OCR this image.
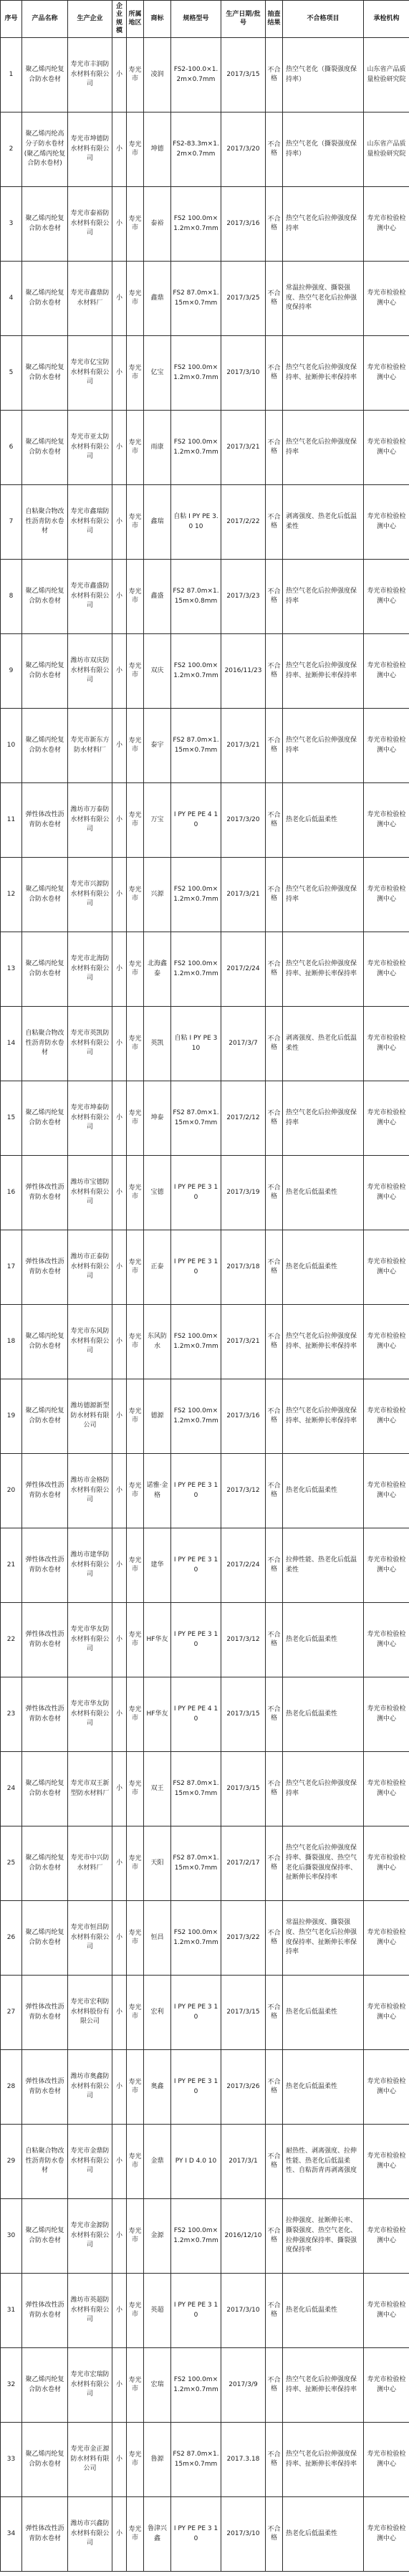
序号	产品名称	生产企业	企业规模	所属地区	商标	规格型号	生产日期/批号	抽查结果	不合格项目	承检机构
1	聚乙烯丙纶复合防水卷材	寿光市丰润防水材料有限公司	小	寿光市	凌润	FS2-100.0×1.2m×0.7mm	2017/3/15	不合格	热空气老化（撕裂强度保持率）	山东省产品质量检验研究院
2	聚乙烯丙纶高分子防水卷材(聚乙烯丙纶复合防水卷材)	寿光市坤德防水材料有限公司	小	寿光市	坤德	FS2-83.3m×1.2m×0.7mm	2017/3/20	不合格	热空气老化（撕裂强度保持率）	山东省产品质量检验研究院
3	聚乙烯丙纶复合防水卷材	寿光市泰裕防水材料有限公司	小	寿光市	泰裕	FS2 100.0m×1.2m×0.7mm	2017/3/16	不合格	热空气老化后拉伸强度保持率	寿光市检验检测中心
4	聚乙烯丙纶复合防水卷材	寿光市鑫鼎防水材料厂	小	寿光市	鑫鼎	FS2 87.0m×1.15m×0.7mm	2017/3/25	不合格	常温拉伸强度、撕裂强度、热空气老化后拉伸强度保持率	寿光市检验检测中心
5	聚乙烯丙纶复合防水卷材	寿光市亿宝防水材料有限公司	小	寿光市	亿宝	FS2 100.0m×1.2m×0.7mm	2017/3/10	不合格	热空气老化后拉伸强度保持率、扯断伸长率保持率	寿光市检验检测中心
6	聚乙烯丙纶复合防水卷材	寿光市亚太防水材料有限公司	小	寿光市	雨康	FS2 100.0m×1.2m×0.7mm	2017/3/21	不合格	热空气老化后拉伸强度保持率	寿光市检验检测中心
7	自粘聚合物改性沥青防水卷材	寿光市鑫瑞防水材料有限公司	小	寿光市	鑫瑞	自粘 I PY PE 3.0 10	2017/2/22	不合格	剥离强度、热老化后低温柔性	寿光市检验检测中心
8	聚乙烯丙纶复合防水卷材	寿光市鑫盛防水材料有限公司	小	寿光市	鑫盛	FS2 87.0m×1.15m×0.8mm	2017/3/23	不合格	热空气老化后拉伸强度保持率	寿光市检验检测中心
9	聚乙烯丙纶复合防水卷材	潍坊市双庆防水材料有限公司	小	寿光市	双庆	FS2 100.0m×1.2m×0.7mm	2016/11/23	不合格	热空气老化后拉伸强度保持率、扯断伸长率保持率	寿光市检验检测中心
10	聚乙烯丙纶复合防水卷材	寿光市新东方防水材料厂	小	寿光市	泰宇	FS2 87.0m×1.15m×0.7mm	2017/3/21	不合格	热空气老化后拉伸强度保持率	寿光市检验检测中心
11	弹性体改性沥青防水卷材	潍坊市万泰防水材料有限公司	小	寿光市	万宝	I PY PE PE 4 10	2017/3/20	不合格	热老化后低温柔性	寿光市检验检测中心
12	聚乙烯丙纶复合防水卷材	寿光市兴源防水材料有限公司	小	寿光市	兴源	FS2 100.0m×1.2m×0.7mm	2017/3/21	不合格	热空气老化后拉伸强度保持率	寿光市检验检测中心
13	聚乙烯丙纶复合防水卷材	寿光市北海防水材料有限公司	小	寿光市	北海鑫泰	FS2 100.0m×1.2m×0.7mm	2017/2/24	不合格	热空气老化后拉伸强度保持率、扯断伸长率保持率	寿光市检验检测中心
14	自粘聚合物改性沥青防水卷材	寿光市英凯防水材料有限公司	小	寿光市	英凯	自粘 I PY PE 3 10	2017/3/7	不合格	剥离强度、热老化后低温柔性	寿光市检验检测中心
15	聚乙烯丙纶复合防水卷材	寿光市坤泰防水材料有限公司	小	寿光市	坤泰	FS2 87.0m×1.15m×0.7mm	2017/2/12	不合格	热空气老化后拉伸强度保持率	寿光市检验检测中心
16	弹性体改性沥青防水卷材	潍坊市宝德防水材料有限公司	小	寿光市	宝德	I PY PE PE 3 10	2017/3/19	不合格	热老化后低温柔性	寿光市检验检测中心
17	弹性体改性沥青防水卷材	潍坊市正泰防水材料有限公司	小	寿光市	正泰	I PY PE PE 3 10	2017/3/18	不合格	热老化后低温柔性	寿光市检验检测中心
18	聚乙烯丙纶复合防水卷材	寿光市东风防水材料有限公司	小	寿光市	东风防水	FS2 100.0m×1.2m×0.7mm	2017/3/21	不合格	热空气老化后拉伸强度保持率、扯断伸长率保持率	寿光市检验检测中心
19	聚乙烯丙纶复合防水卷材	潍坊德源新型防水材料有限公司	小	寿光市	德源	FS2 100.0m×1.2m×0.7mm	2017/3/16	不合格	热空气老化后拉伸强度保持率、扯断伸长率保持率	寿光市检验检测中心
20	弹性体改性沥青防水卷材	潍坊市金格防水材料有限公司	小	寿光市	诺雅·金格	I PY PE PE 3 10	2017/3/12	不合格	热老化后低温柔性	寿光市检验检测中心
21	弹性体改性沥青防水卷材	潍坊市建华防水材料有限公司	小	寿光市	建华	I PY PE PE 3 10	2017/2/24	不合格	拉伸性能、热老化后低温柔性	寿光市检验检测中心
22	弹性体改性沥青防水卷材	寿光市华友防水材料有限公司	小	寿光市	HF华友	I PY PE PE 3 10	2017/3/12	不合格	热老化后低温柔性	寿光市检验检测中心
23	弹性体改性沥青防水卷材	寿光市华友防水材料有限公司	小	寿光市	HF华友	I PY PE PE 4 10	2017/3/15	不合格	热老化后低温柔性	寿光市检验检测中心
24	聚乙烯丙纶复合防水卷材	寿光市双王新型防水材料厂	小	寿光市	双王	FS2 87.0m×1.15m×0.7mm	2017/3/15	不合格	热空气老化后拉伸强度保持率	寿光市检验检测中心
25	聚乙烯丙纶复合防水卷材	寿光市中兴防水材料厂	小	寿光市	天阳	FS2 87.0m×1.15m×0.7mm	2017/2/17	不合格	热空气老化后拉伸强度保持率、撕裂强度、热空气老化后撕裂强度保持率、扯断伸长率保持率	寿光市检验检测中心
26	聚乙烯丙纶复合防水卷材	寿光市恒昌防水材料有限公司	小	寿光市	恒昌	FS2 100.0m×1.2m×0.7mm	2017/3/22	不合格	常温拉伸强度、撕裂强度、热空气老化后拉伸强度保持率、扯断伸长率保持率	寿光市检验检测中心
27	弹性体改性沥青防水卷材	寿光市宏利防水材料股份有限公司	小	寿光市	宏利	I PY PE PE 3 10	2017/3/15	不合格	热老化后低温柔性	寿光市检验检测中心
28	弹性体改性沥青防水卷材	潍坊市奥鑫防水材料有限公司	小	寿光市	奥鑫	I PY PE PE 3 10	2017/3/26	不合格	热老化后低温柔性	寿光市检验检测中心
29	自粘聚合物改性沥青防水卷材	寿光市金鼎防水材料有限公司	小	寿光市	金鼎	PY I D 4.0 10	2017/3/1	不合格	耐热性、剥离强度、拉伸性能、热老化后低温柔性、自粘沥青再剥离强度	寿光市检验检测中心
30	聚乙烯丙纶复合防水卷材	寿光市金源防水材料有限公司	小	寿光市	金源	FS2 100.0m×1.2m×0.7mm	2016/12/10	不合格	拉伸强度、扯断伸长率、撕裂强度、热空气老化、拉伸强度保持率、撕裂强度保持率	寿光市检验检测中心
31	弹性体改性沥青防水卷材	潍坊市英超防水材料有限公司	小	寿光市	英超	I PY PE PE 3 10	2017/3/10	不合格	热老化后低温柔性	寿光市检验检测中心
32	聚乙烯丙纶复合防水卷材	寿光市宏瑞防水材料有限公司	小	寿光市	宏瑞	FS2 100.0m×1.2m×0.7mm	2017/3/9	不合格	热空气老化后拉伸强度保持率、扯断伸长率保持率	寿光市检验检测中心
33	聚乙烯丙纶复合防水卷材	寿光市金正源防水材料有限公司	小	寿光市	鲁源	FS2 87.0m×1.15m×0.7mm	2017.3.18	不合格	热空气老化后拉伸强度保持率、扯断伸长率保持率	寿光市检验检测中心
34	弹性体改性沥青防水卷材	潍坊市兴鑫防水材料有限公司	小	寿光市	鲁津兴鑫	I PY PE PE 3 10	2017/3/10	不合格	热老化后低温柔性	寿光市检验检测中心
